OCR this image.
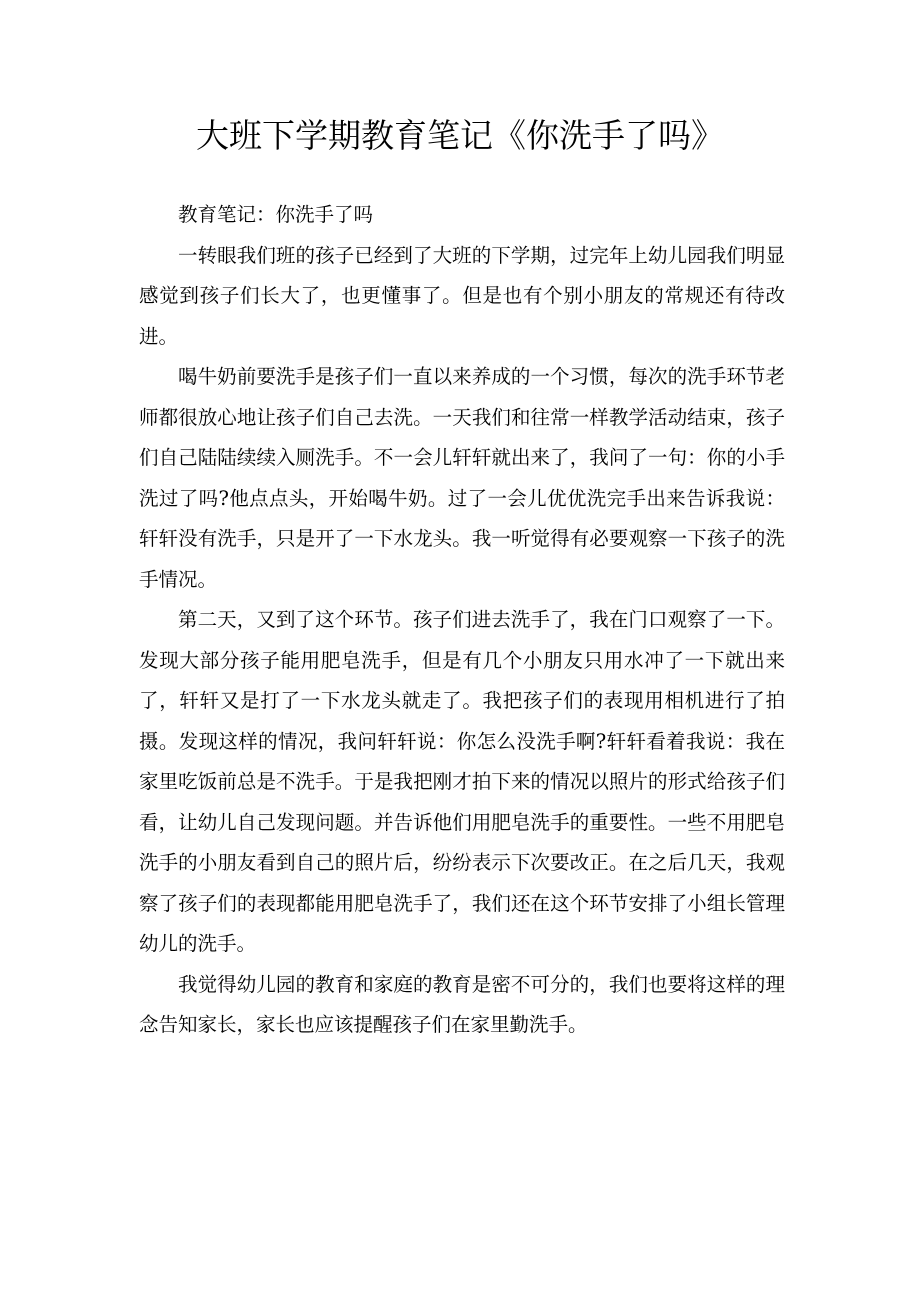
大班下学期教育笔记《你洗手了吗》

教育笔记：你洗手了吗

一转眼我们班的孩子已经到了大班的下学期，过完年上幼儿园我们明显感觉到孩子们长大了，也更懂事了。但是也有个别小朋友的常规还有待改进。

喝牛奶前要洗手是孩子们一直以来养成的一个习惯，每次的洗手环节老师都很放心地让孩子们自己去洗。一天我们和往常一样教学活动结束，孩子们自己陆陆续续入厕洗手。不一会儿轩轩就出来了，我问了一句：你的小手洗过了吗?他点点头，开始喝牛奶。过了一会儿优优洗完手出来告诉我说：轩轩没有洗手，只是开了一下水龙头。我一听觉得有必要观察一下孩子的洗手情况。

第二天，又到了这个环节。孩子们进去洗手了，我在门口观察了一下。发现大部分孩子能用肥皂洗手，但是有几个小朋友只用水冲了一下就出来了，轩轩又是打了一下水龙头就走了。我把孩子们的表现用相机进行了拍摄。发现这样的情况，我问轩轩说：你怎么没洗手啊?轩轩看着我说：我在家里吃饭前总是不洗手。于是我把刚才拍下来的情况以照片的形式给孩子们看，让幼儿自己发现问题。并告诉他们用肥皂洗手的重要性。一些不用肥皂洗手的小朋友看到自己的照片后，纷纷表示下次要改正。在之后几天，我观察了孩子们的表现都能用肥皂洗手了，我们还在这个环节安排了小组长管理幼儿的洗手。

我觉得幼儿园的教育和家庭的教育是密不可分的，我们也要将这样的理念告知家长，家长也应该提醒孩子们在家里勤洗手。
